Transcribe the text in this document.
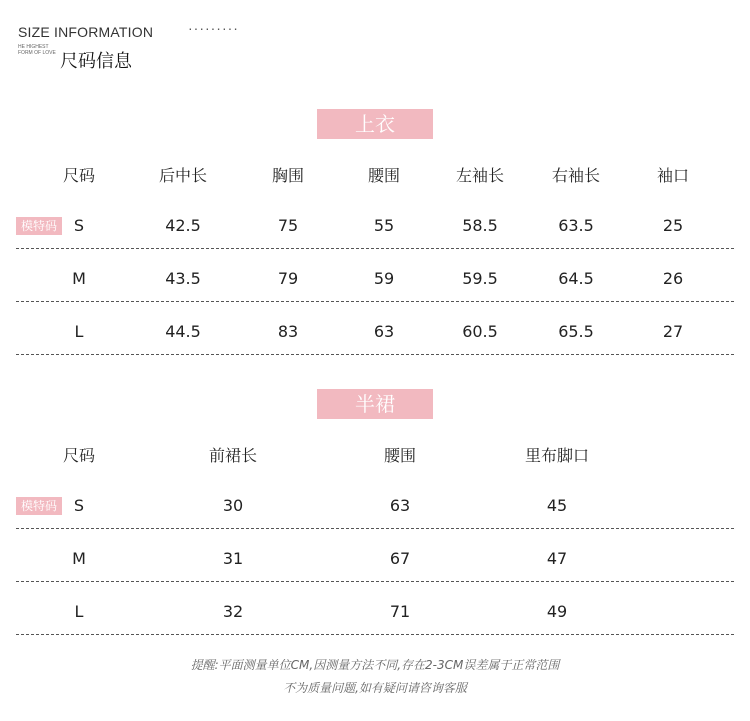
SIZE INFORMATION ·········
HE HIGHEST
FORM OF LOVE 尺码信息
上衣
尺码	后中长	胸围	腰围	左袖长	右袖长	袖口
模特码	S	42.5	75	55	58.5	63.5	25
M	43.5	79	59	59.5	64.5	26
L	44.5	83	63	60.5	65.5	27
半裙
尺码	前裙长	腰围	里布脚口
模特码	S	30	63	45
M	31	67	47
L	32	71	49
提醒:平面测量单位CM,因测量方法不同,存在2-3CM误差属于正常范围
不为质量问题,如有疑问请咨询客服
